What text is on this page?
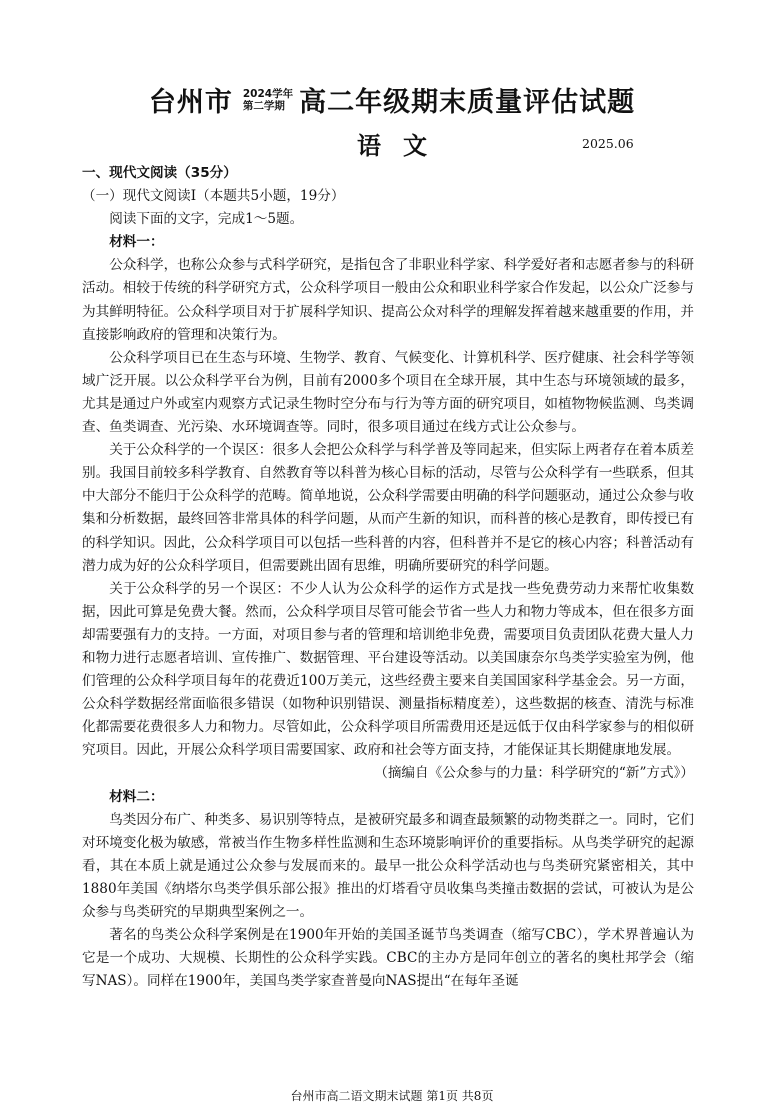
台州市 2024学年
第二学期 高二年级期末质量评估试题
语文	2025.06

一、现代文阅读（35分）

（一）现代文阅读Ⅰ（本题共5小题，19分）

阅读下面的文字，完成1～5题。

材料一：

公众科学，也称公众参与式科学研究，是指包含了非职业科学家、科学爱好者和志愿者参与的科研活动。相较于传统的科学研究方式，公众科学项目一般由公众和职业科学家合作发起，以公众广泛参与为其鲜明特征。公众科学项目对于扩展科学知识、提高公众对科学的理解发挥着越来越重要的作用，并直接影响政府的管理和决策行为。

公众科学项目已在生态与环境、生物学、教育、气候变化、计算机科学、医疗健康、社会科学等领域广泛开展。以公众科学平台为例，目前有2000多个项目在全球开展，其中生态与环境领域的最多，尤其是通过户外或室内观察方式记录生物时空分布与行为等方面的研究项目，如植物物候监测、鸟类调查、鱼类调查、光污染、水环境调查等。同时，很多项目通过在线方式让公众参与。

关于公众科学的一个误区：很多人会把公众科学与科学普及等同起来，但实际上两者存在着本质差别。我国目前较多科学教育、自然教育等以科普为核心目标的活动，尽管与公众科学有一些联系，但其中大部分不能归于公众科学的范畴。简单地说，公众科学需要由明确的科学问题驱动，通过公众参与收集和分析数据，最终回答非常具体的科学问题，从而产生新的知识，而科普的核心是教育，即传授已有的科学知识。因此，公众科学项目可以包括一些科普的内容，但科普并不是它的核心内容；科普活动有潜力成为好的公众科学项目，但需要跳出固有思维，明确所要研究的科学问题。

关于公众科学的另一个误区：不少人认为公众科学的运作方式是找一些免费劳动力来帮忙收集数据，因此可算是免费大餐。然而，公众科学项目尽管可能会节省一些人力和物力等成本，但在很多方面却需要强有力的支持。一方面，对项目参与者的管理和培训绝非免费，需要项目负责团队花费大量人力和物力进行志愿者培训、宣传推广、数据管理、平台建设等活动。以美国康奈尔鸟类学实验室为例，他们管理的公众科学项目每年的花费近100万美元，这些经费主要来自美国国家科学基金会。另一方面，公众科学数据经常面临很多错误（如物种识别错误、测量指标精度差），这些数据的核查、清洗与标准化都需要花费很多人力和物力。尽管如此，公众科学项目所需费用还是远低于仅由科学家参与的相似研究项目。因此，开展公众科学项目需要国家、政府和社会等方面支持，才能保证其长期健康地发展。

（摘编自《公众参与的力量：科学研究的“新”方式》）

材料二：

鸟类因分布广、种类多、易识别等特点，是被研究最多和调查最频繁的动物类群之一。同时，它们对环境变化极为敏感，常被当作生物多样性监测和生态环境影响评价的重要指标。从鸟类学研究的起源看，其在本质上就是通过公众参与发展而来的。最早一批公众科学活动也与鸟类研究紧密相关，其中1880年美国《纳塔尔鸟类学俱乐部公报》推出的灯塔看守员收集鸟类撞击数据的尝试，可被认为是公众参与鸟类研究的早期典型案例之一。

著名的鸟类公众科学案例是在1900年开始的美国圣诞节鸟类调查（缩写CBC），学术界普遍认为它是一个成功、大规模、长期性的公众科学实践。CBC的主办方是同年创立的著名的奥杜邦学会（缩写NAS）。同样在1900年，美国鸟类学家查普曼向NAS提出“在每年圣诞

台州市高二语文期末试题 第1页 共8页
